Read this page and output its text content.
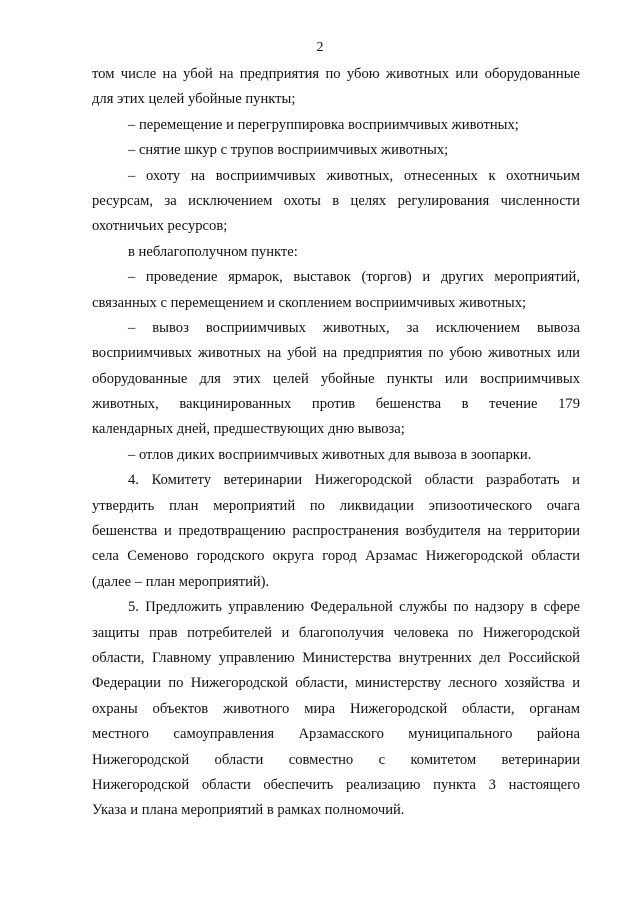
2
том числе на убой на предприятия по убою животных или оборудованные
для этих целей убойные пункты;
– перемещение и перегруппировка восприимчивых животных;
– снятие шкур с трупов восприимчивых животных;
– охоту на восприимчивых животных, отнесенных к охотничьим
ресурсам, за исключением охоты в целях регулирования численности
охотничьих ресурсов;
в неблагополучном пункте:
– проведение ярмарок, выставок (торгов) и других мероприятий,
связанных с перемещением и скоплением восприимчивых животных;
– вывоз восприимчивых животных, за исключением вывоза
восприимчивых животных на убой на предприятия по убою животных или
оборудованные для этих целей убойные пункты или восприимчивых
животных, вакцинированных против бешенства в течение 179
календарных дней, предшествующих дню вывоза;
– отлов диких восприимчивых животных для вывоза в зоопарки.
4. Комитету ветеринарии Нижегородской области разработать и
утвердить план мероприятий по ликвидации эпизоотического очага
бешенства и предотвращению распространения возбудителя на территории
села Семеново городского округа город Арзамас Нижегородской области
(далее – план мероприятий).
5. Предложить управлению Федеральной службы по надзору в сфере
защиты прав потребителей и благополучия человека по Нижегородской
области, Главному управлению Министерства внутренних дел Российской
Федерации по Нижегородской области, министерству лесного хозяйства и
охраны объектов животного мира Нижегородской области, органам
местного самоуправления Арзамасского муниципального района
Нижегородской области совместно с комитетом ветеринарии
Нижегородской области обеспечить реализацию пункта 3 настоящего
Указа и плана мероприятий в рамках полномочий.
